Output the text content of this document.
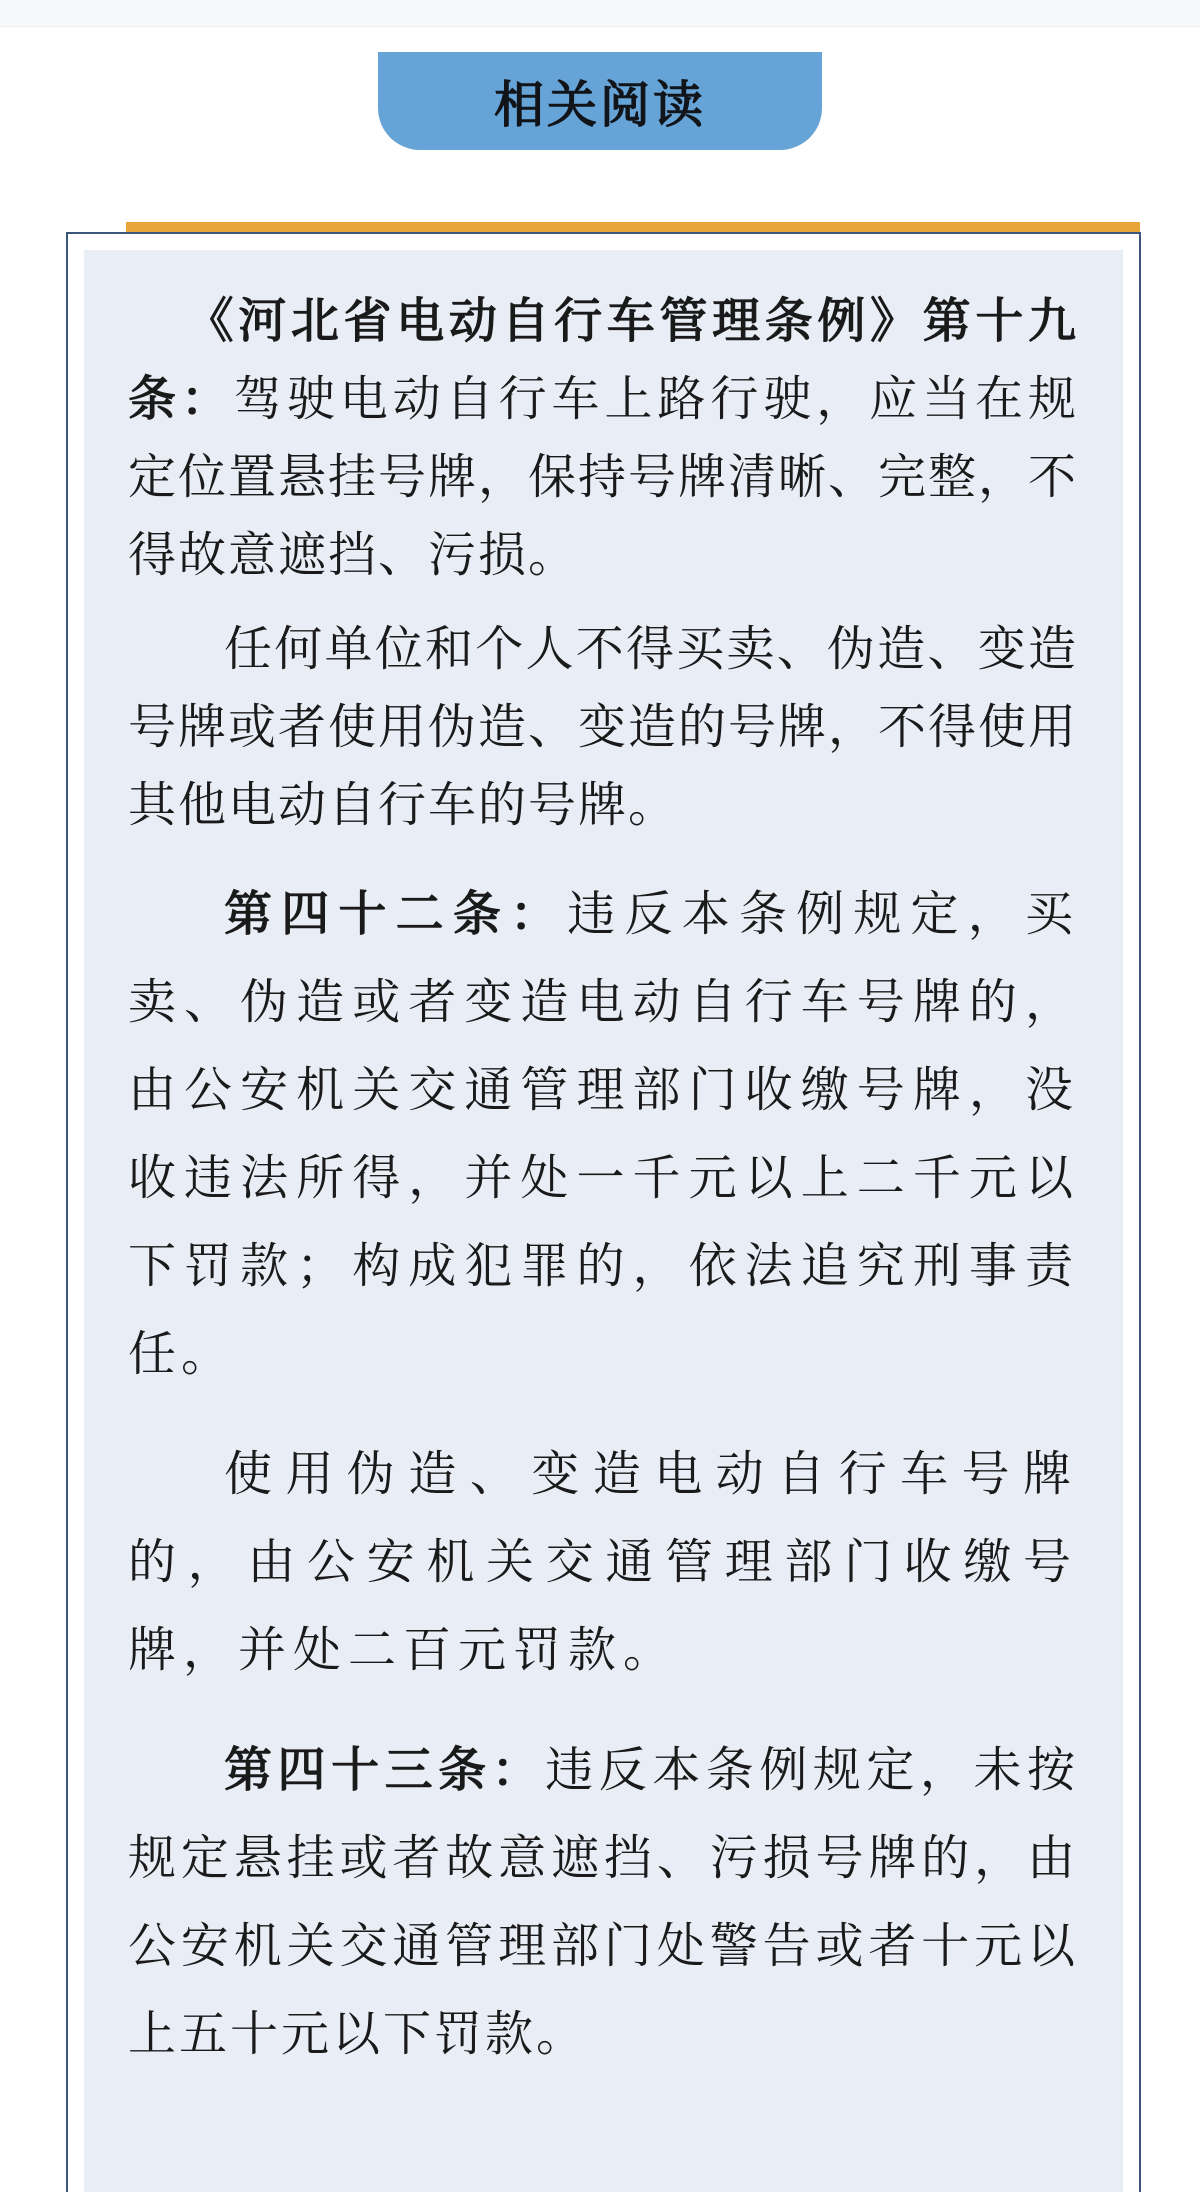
相关阅读

《河北省电动自行车管理条例》第十九条：驾驶电动自行车上路行驶，应当在规定位置悬挂号牌，保持号牌清晰、完整，不得故意遮挡、污损。

任何单位和个人不得买卖、伪造、变造号牌或者使用伪造、变造的号牌，不得使用其他电动自行车的号牌。

第四十二条：违反本条例规定，买卖、伪造或者变造电动自行车号牌的，由公安机关交通管理部门收缴号牌，没收违法所得，并处一千元以上二千元以下罚款；构成犯罪的，依法追究刑事责任。

使用伪造、变造电动自行车号牌的，由公安机关交通管理部门收缴号牌，并处二百元罚款。

第四十三条：违反本条例规定，未按规定悬挂或者故意遮挡、污损号牌的，由公安机关交通管理部门处警告或者十元以上五十元以下罚款。
